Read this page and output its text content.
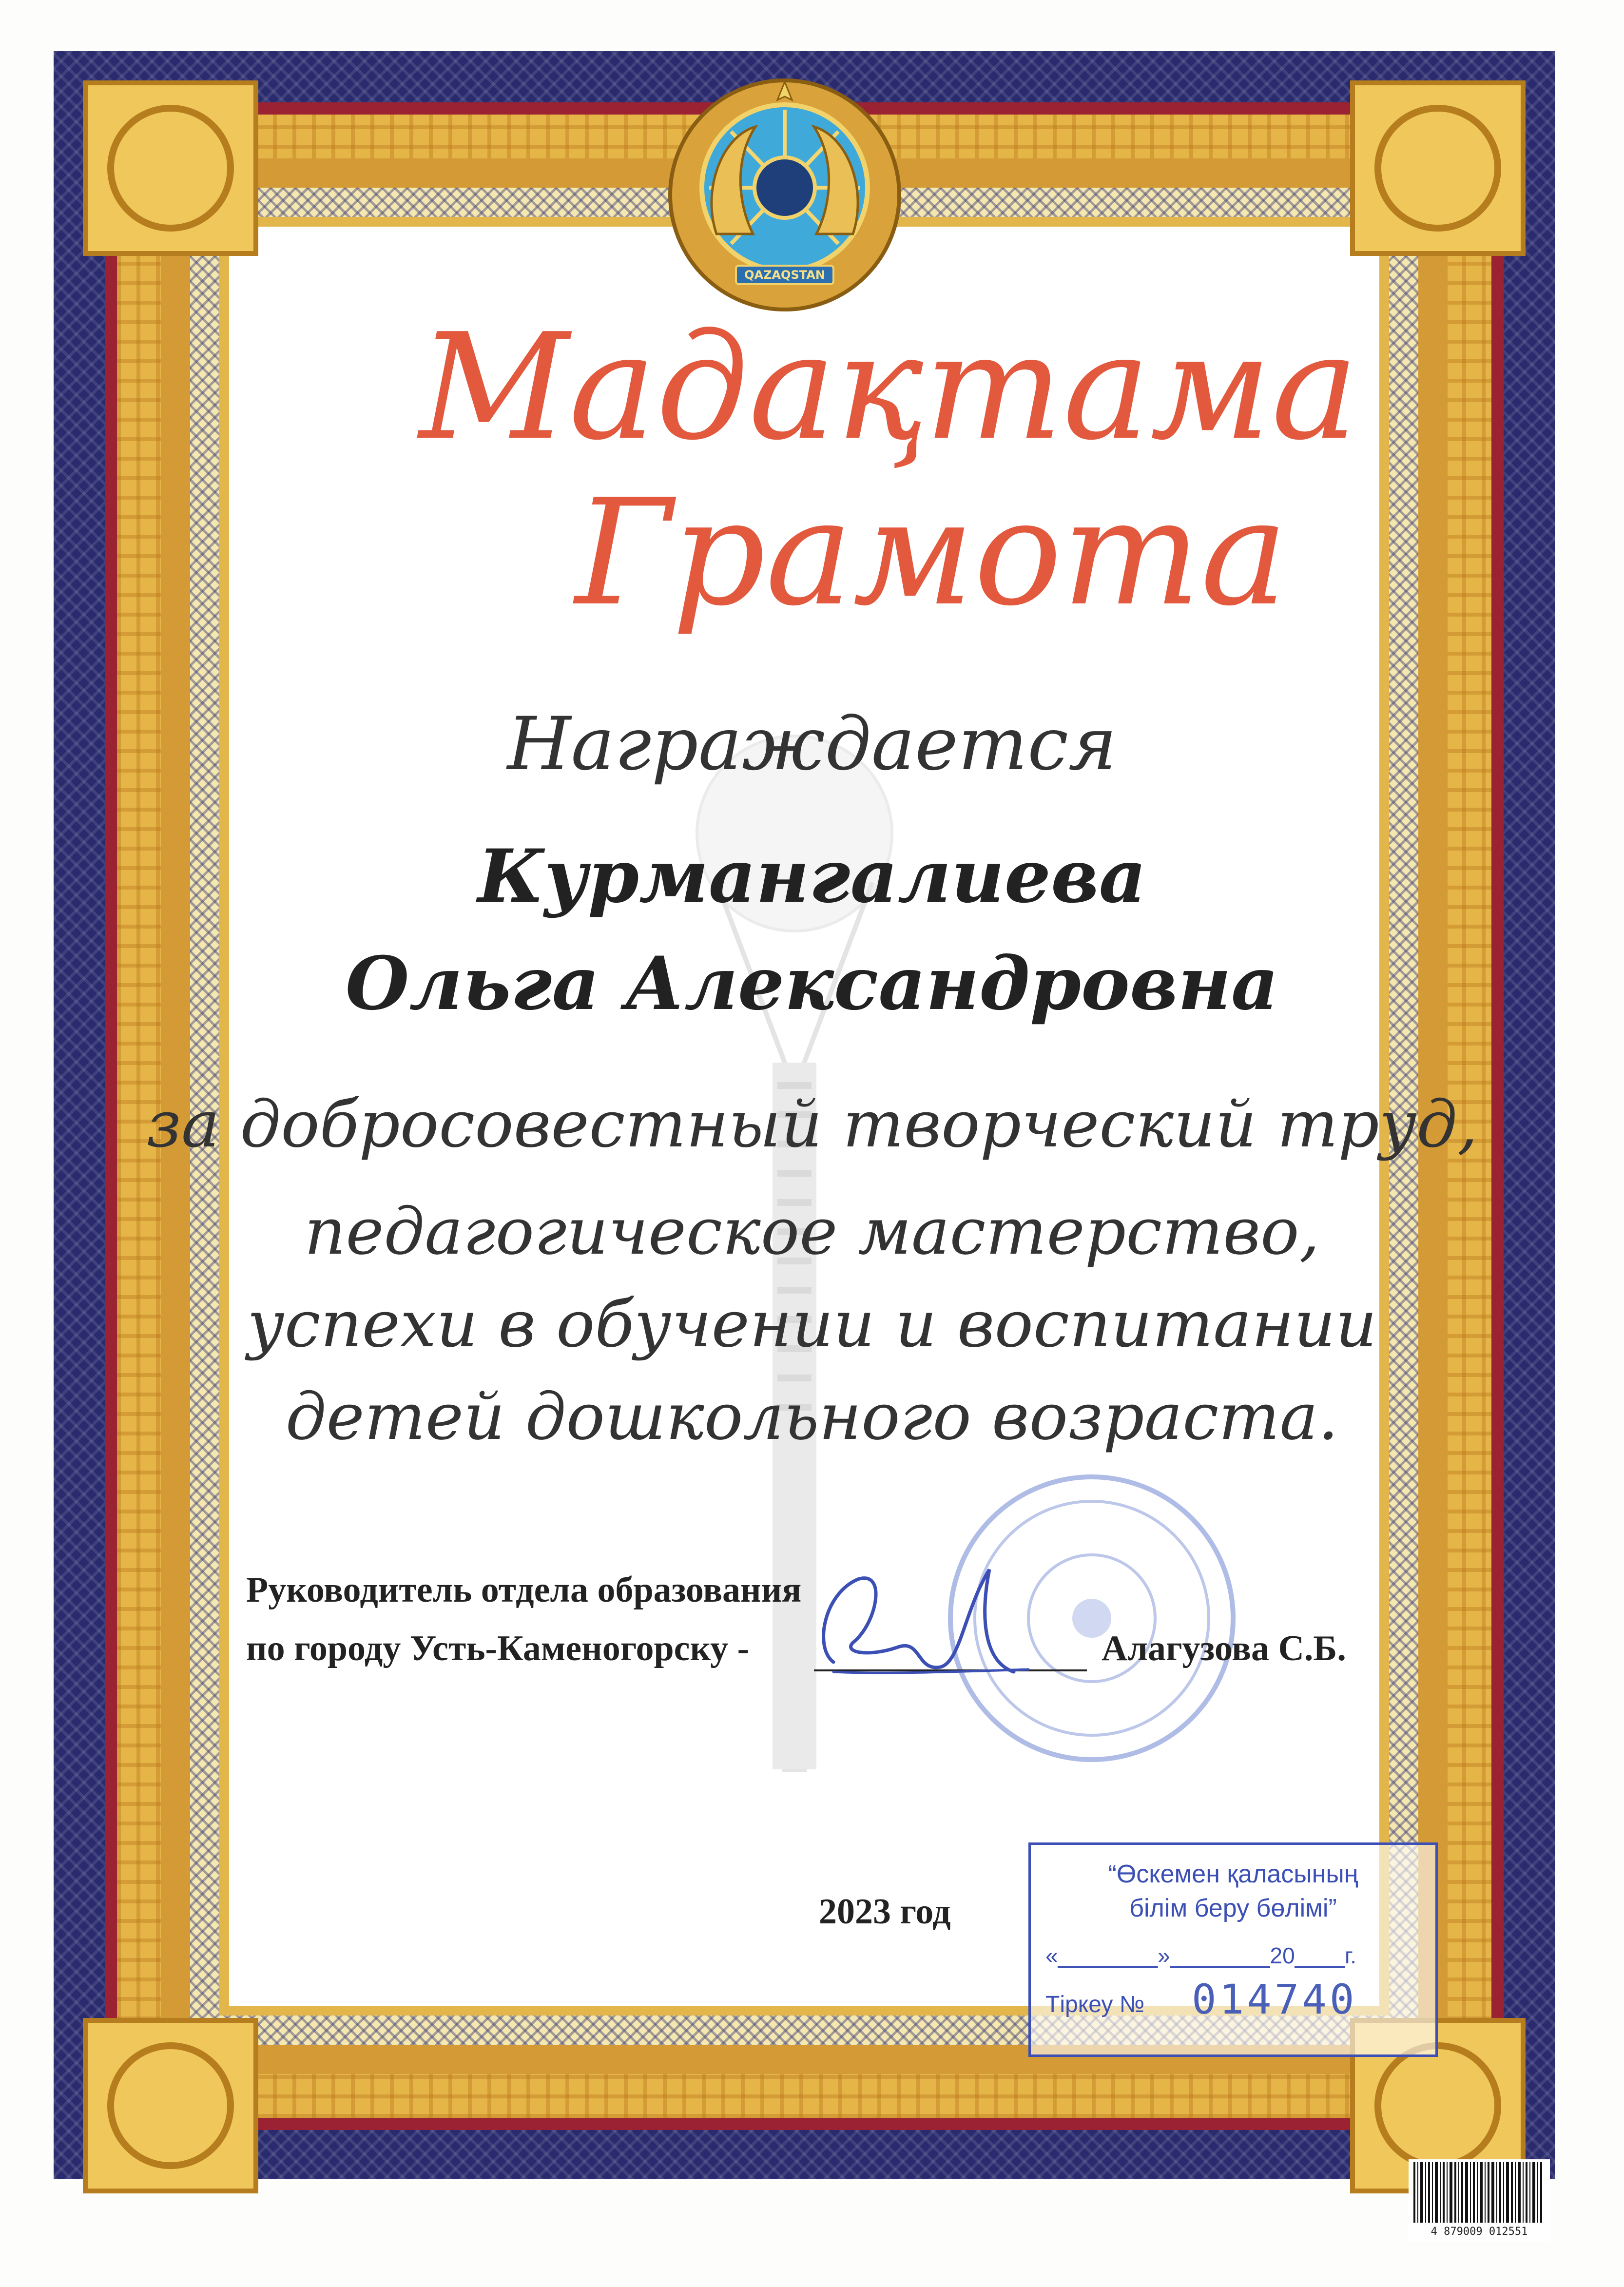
QAZAQSTAN
Мадақтама
Грамота
Награждается
Курмангалиева
Ольга Александровна
за добросовестный творческий труд,
педагогическое мастерство,
успехи в обучении и воспитании
детей дошкольного возраста.
Руководитель отдела образования
по городу Усть-Каменогорску -	Алагузова С.Б.
2023 год
“Өскемен қаласының
білім беру бөлімі”
«________»________20____г.
Тіркеу № 014740
4 879009 012551
